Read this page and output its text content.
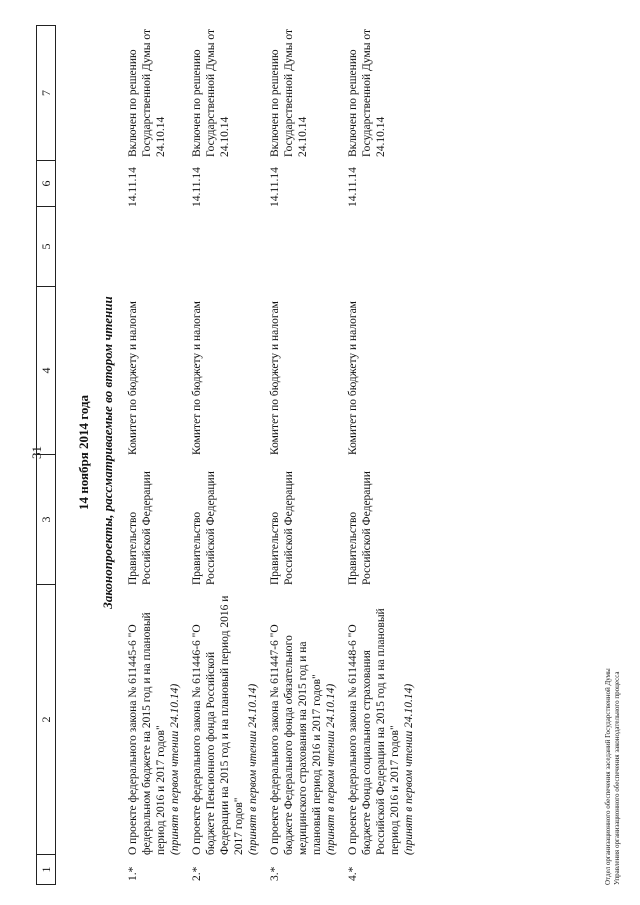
31
1
2
3
4
5
6
7
14 ноября 2014 года Законопроекты, рассматриваемые во втором чтении
1.*
О проекте федерального закона № 611445-6 "О федеральном бюджете на 2015 год и на плановый период 2016 и 2017 годов" (принят в первом чтении 24.10.14)
Правительство Российской Федерации
Комитет по бюджету и налогам
14.11.14
Включен по решению Государственной Думы от 24.10.14
2.*
О проекте федерального закона № 611446-6 "О бюджете Пенсионного фонда Российской Федерации на 2015 год и на плановый период 2016 и 2017 годов" (принят в первом чтении 24.10.14)
Правительство Российской Федерации
Комитет по бюджету и налогам
14.11.14
Включен по решению Государственной Думы от 24.10.14
3.*
О проекте федерального закона № 611447-6 "О бюджете Федерального фонда обязательного медицинского страхования на 2015 год и на плановый период 2016 и 2017 годов" (принят в первом чтении 24.10.14)
Правительство Российской Федерации
Комитет по бюджету и налогам
14.11.14
Включен по решению Государственной Думы от 24.10.14
4.*
О проекте федерального закона № 611448-6 "О бюджете Фонда социального страхования Российской Федерации на 2015 год и на плановый период 2016 и 2017 годов" (принят в первом чтении 24.10.14)
Правительство Российской Федерации
Комитет по бюджету и налогам
14.11.14
Включен по решению Государственной Думы от 24.10.14
Отдел организационного обеспечения заседаний Государственной Думы Управления организационного обеспечения законодательного процесса
